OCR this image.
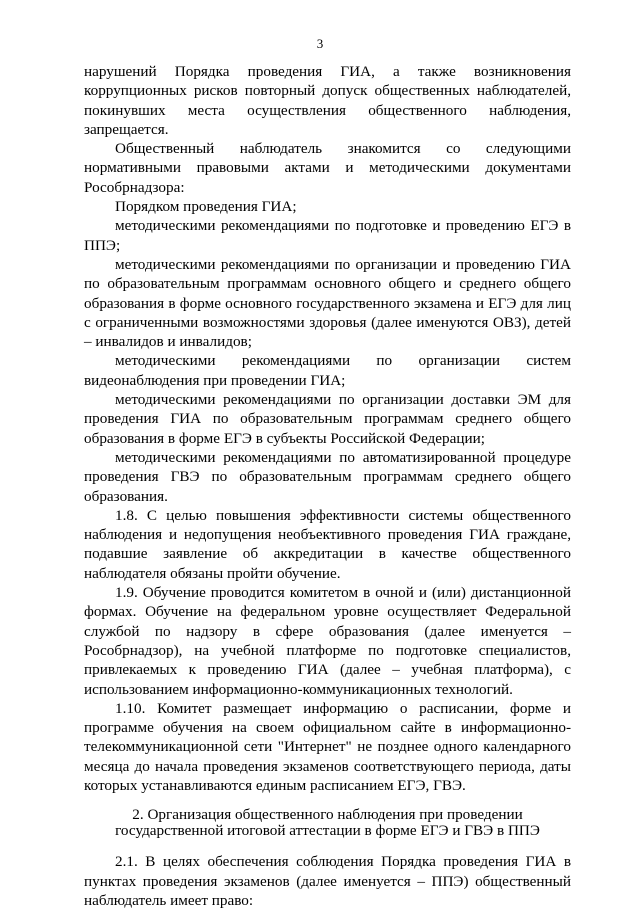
3

нарушений Порядка проведения ГИА, а также возникновения коррупционных рисков повторный допуск общественных наблюдателей, покинувших места осуществления общественного наблюдения, запрещается.

Общественный наблюдатель знакомится со следующими нормативными правовыми актами и методическими документами Рособрнадзора:

Порядком проведения ГИА;

методическими рекомендациями по подготовке и проведению ЕГЭ в ППЭ;

методическими рекомендациями по организации и проведению ГИА по образовательным программам основного общего и среднего общего образования в форме основного государственного экзамена и ЕГЭ для лиц с ограниченными возможностями здоровья (далее именуются ОВЗ), детей – инвалидов и инвалидов;

методическими рекомендациями по организации систем видеонаблюдения при проведении ГИА;

методическими рекомендациями по организации доставки ЭМ для проведения ГИА по образовательным программам среднего общего образования в форме ЕГЭ в субъекты Российской Федерации;

методическими рекомендациями по автоматизированной процедуре проведения ГВЭ по образовательным программам среднего общего образования.

1.8. С целью повышения эффективности системы общественного наблюдения и недопущения необъективного проведения ГИА граждане, подавшие заявление об аккредитации в качестве общественного наблюдателя обязаны пройти обучение.

1.9. Обучение проводится комитетом в очной и (или) дистанционной формах. Обучение на федеральном уровне осуществляет Федеральной службой по надзору в сфере образования (далее именуется – Рособрнадзор), на учебной платформе по подготовке специалистов, привлекаемых к проведению ГИА (далее – учебная платформа), с использованием информационно-коммуникационных технологий.

1.10. Комитет размещает информацию о расписании, форме и программе обучения на своем официальном сайте в информационно-телекоммуникационной сети "Интернет" не позднее одного календарного месяца до начала проведения экзаменов соответствующего периода, даты которых устанавливаются единым расписанием ЕГЭ, ГВЭ.

2. Организация общественного наблюдения при проведении
государственной итоговой аттестации в форме ЕГЭ и ГВЭ в ППЭ

2.1. В целях обеспечения соблюдения Порядка проведения ГИА в пунктах проведения экзаменов (далее именуется – ППЭ) общественный наблюдатель имеет право:
